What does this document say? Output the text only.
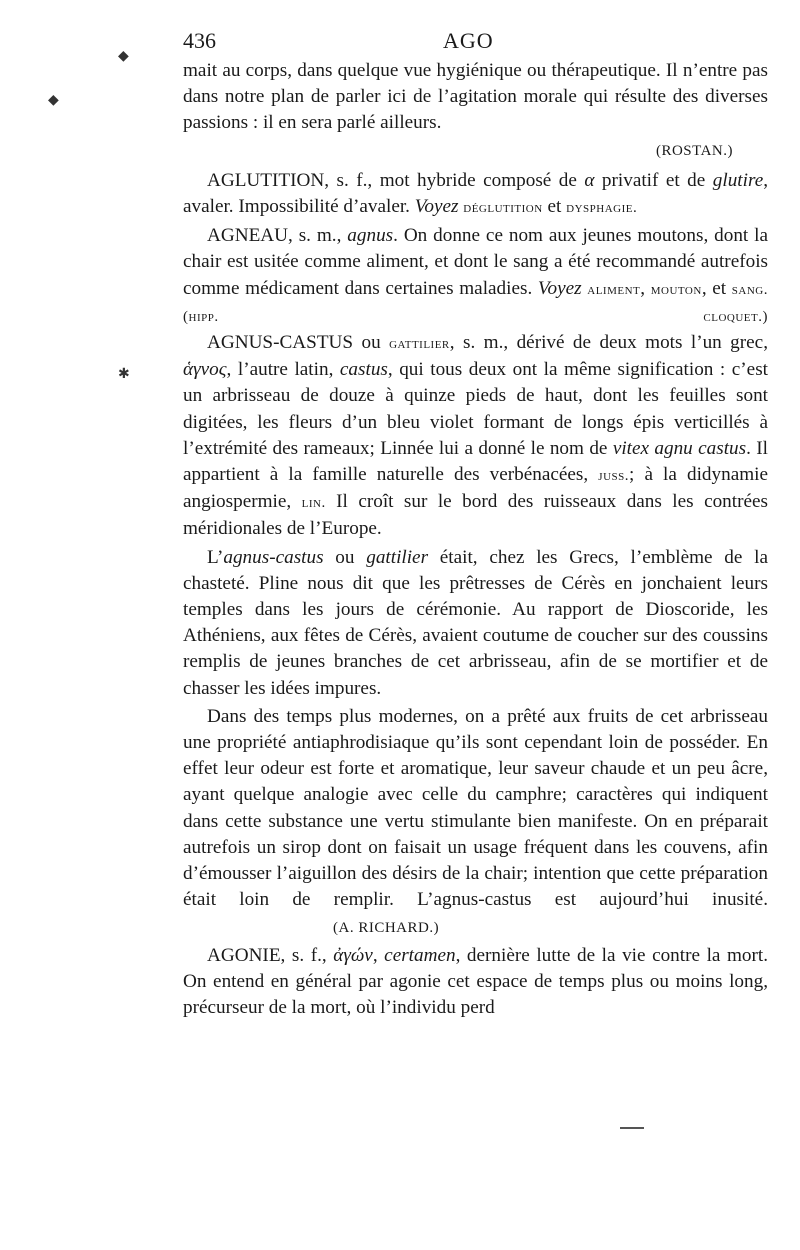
◆
◆
✱
436	AGO

mait au corps, dans quelque vue hygiénique ou thérapeutique. Il n’entre pas dans notre plan de parler ici de l’agitation morale qui résulte des diverses passions : il en sera parlé ailleurs.

(ROSTAN.)

AGLUTITION, s. f., mot hybride composé de α privatif et de glutire, avaler. Impossibilité d’avaler. Voyez déglutition et dysphagie.

AGNEAU, s. m., agnus. On donne ce nom aux jeunes moutons, dont la chair est usitée comme aliment, et dont le sang a été recommandé autrefois comme médicament dans certaines maladies. Voyez aliment, mouton, et sang. (hipp. cloquet.)

AGNUS-CASTUS ou gattilier, s. m., dérivé de deux mots l’un grec, ἁγνος, l’autre latin, castus, qui tous deux ont la même signification : c’est un arbrisseau de douze à quinze pieds de haut, dont les feuilles sont digitées, les fleurs d’un bleu violet formant de longs épis verticillés à l’extrémité des rameaux; Linnée lui a donné le nom de vitex agnu castus. Il appartient à la famille naturelle des verbénacées, juss.; à la didynamie angiospermie, lin. Il croît sur le bord des ruisseaux dans les contrées méridionales de l’Europe.

L’agnus-castus ou gattilier était, chez les Grecs, l’emblème de la chasteté. Pline nous dit que les prêtresses de Cérès en jonchaient leurs temples dans les jours de cérémonie. Au rapport de Dioscoride, les Athéniens, aux fêtes de Cérès, avaient coutume de coucher sur des coussins remplis de jeunes branches de cet arbrisseau, afin de se mortifier et de chasser les idées impures.

Dans des temps plus modernes, on a prêté aux fruits de cet arbrisseau une propriété antiaphrodisiaque qu’ils sont cependant loin de posséder. En effet leur odeur est forte et aromatique, leur saveur chaude et un peu âcre, ayant quelque analogie avec celle du camphre; caractères qui indiquent dans cette substance une vertu stimulante bien manifeste. On en préparait autrefois un sirop dont on faisait un usage fréquent dans les couvens, afin d’émousser l’aiguillon des désirs de la chair; intention que cette préparation était loin de remplir. L’agnus-castus est aujourd’hui inusité. (A. RICHARD.)

AGONIE, s. f., ἀγών, certamen, dernière lutte de la vie contre la mort. On entend en général par agonie cet espace de temps plus ou moins long, précurseur de la mort, où l’individu perd
